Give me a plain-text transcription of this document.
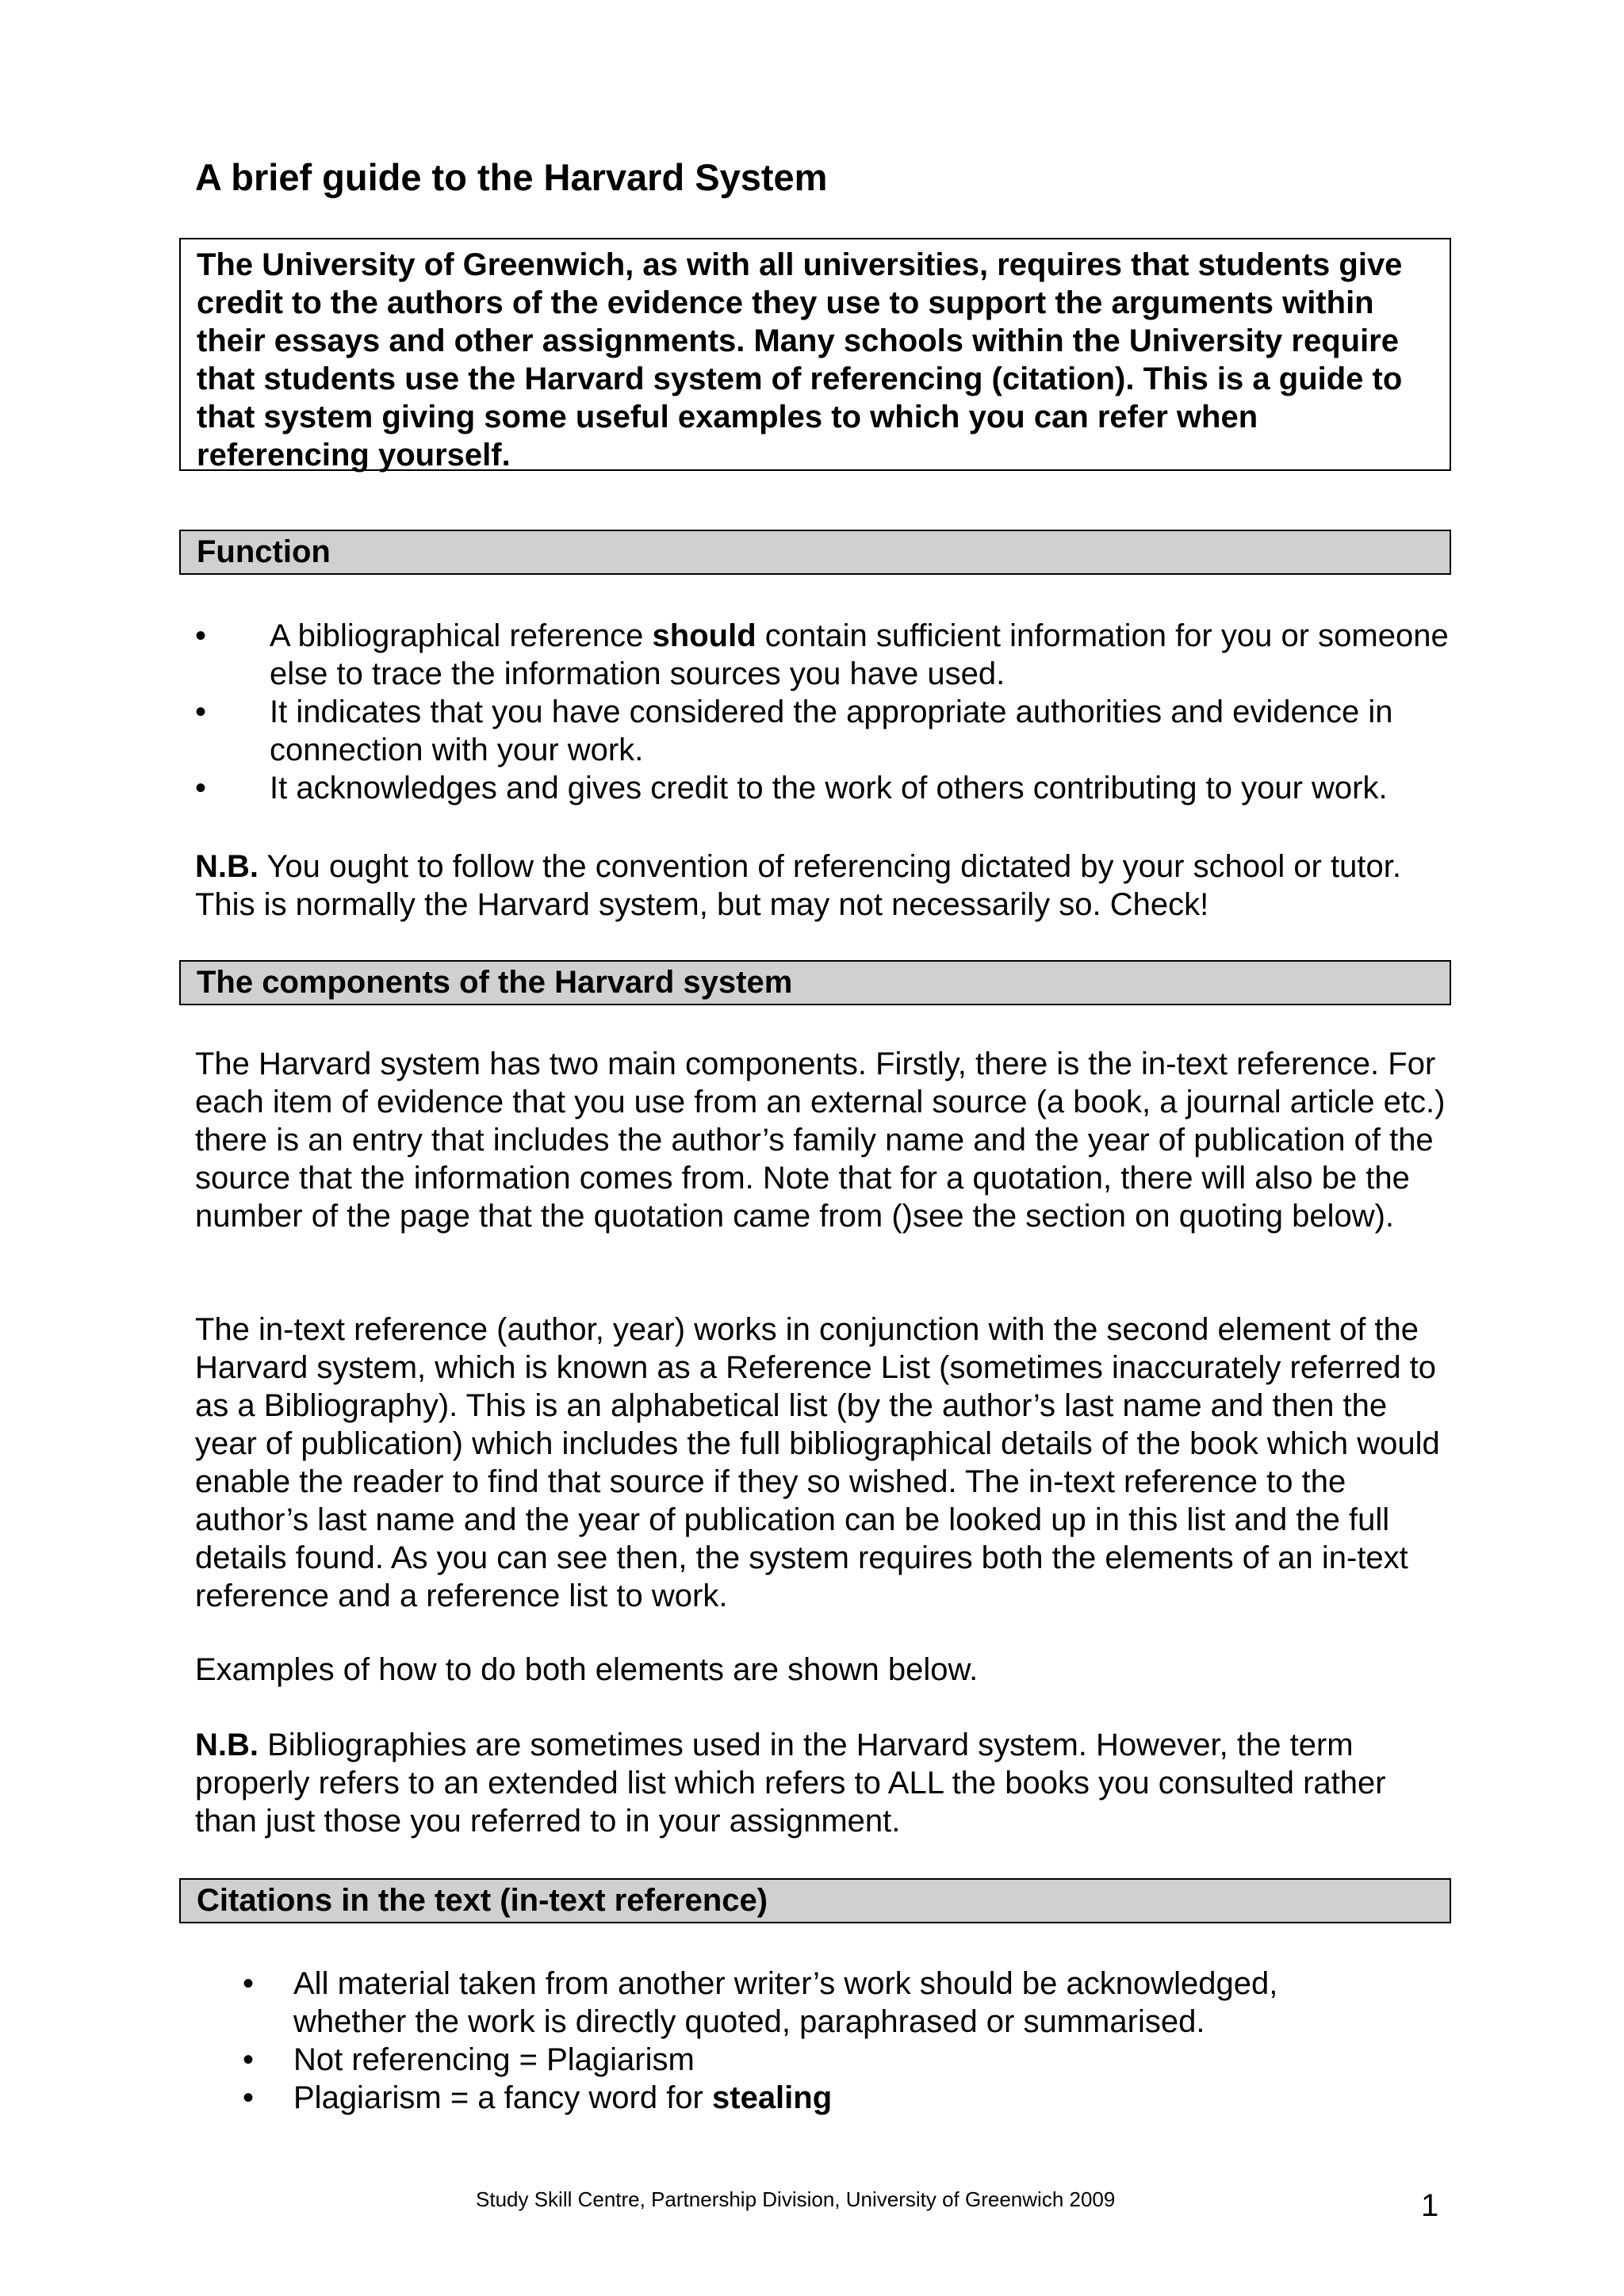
A brief guide to the Harvard System
The University of Greenwich, as with all universities, requires that students give credit to the authors of the evidence they use to support the arguments within their essays and other assignments. Many schools within the University require that students use the Harvard system of referencing (citation). This is a guide to that system giving some useful examples to which you can refer when referencing yourself.
Function
• A bibliographical reference should contain sufficient information for you or someone else to trace the information sources you have used.
• It indicates that you have considered the appropriate authorities and evidence in connection with your work.
• It acknowledges and gives credit to the work of others contributing to your work.
N.B. You ought to follow the convention of referencing dictated by your school or tutor. This is normally the Harvard system, but may not necessarily so. Check!
The components of the Harvard system
The Harvard system has two main components. Firstly, there is the in-text reference. For each item of evidence that you use from an external source (a book, a journal article etc.) there is an entry that includes the author’s family name and the year of publication of the source that the information comes from. Note that for a quotation, there will also be the number of the page that the quotation came from ()see the section on quoting below).
The in-text reference (author, year) works in conjunction with the second element of the Harvard system, which is known as a Reference List (sometimes inaccurately referred to as a Bibliography). This is an alphabetical list (by the author’s last name and then the year of publication) which includes the full bibliographical details of the book which would enable the reader to find that source if they so wished. The in-text reference to the author’s last name and the year of publication can be looked up in this list and the full details found. As you can see then, the system requires both the elements of an in-text reference and a reference list to work.
Examples of how to do both elements are shown below.
N.B. Bibliographies are sometimes used in the Harvard system. However, the term properly refers to an extended list which refers to ALL the books you consulted rather than just those you referred to in your assignment.
Citations in the text (in-text reference)
• All material taken from another writer’s work should be acknowledged, whether the work is directly quoted, paraphrased or summarised.
• Not referencing = Plagiarism
• Plagiarism = a fancy word for stealing
Study Skill Centre, Partnership Division, University of Greenwich 2009	1
